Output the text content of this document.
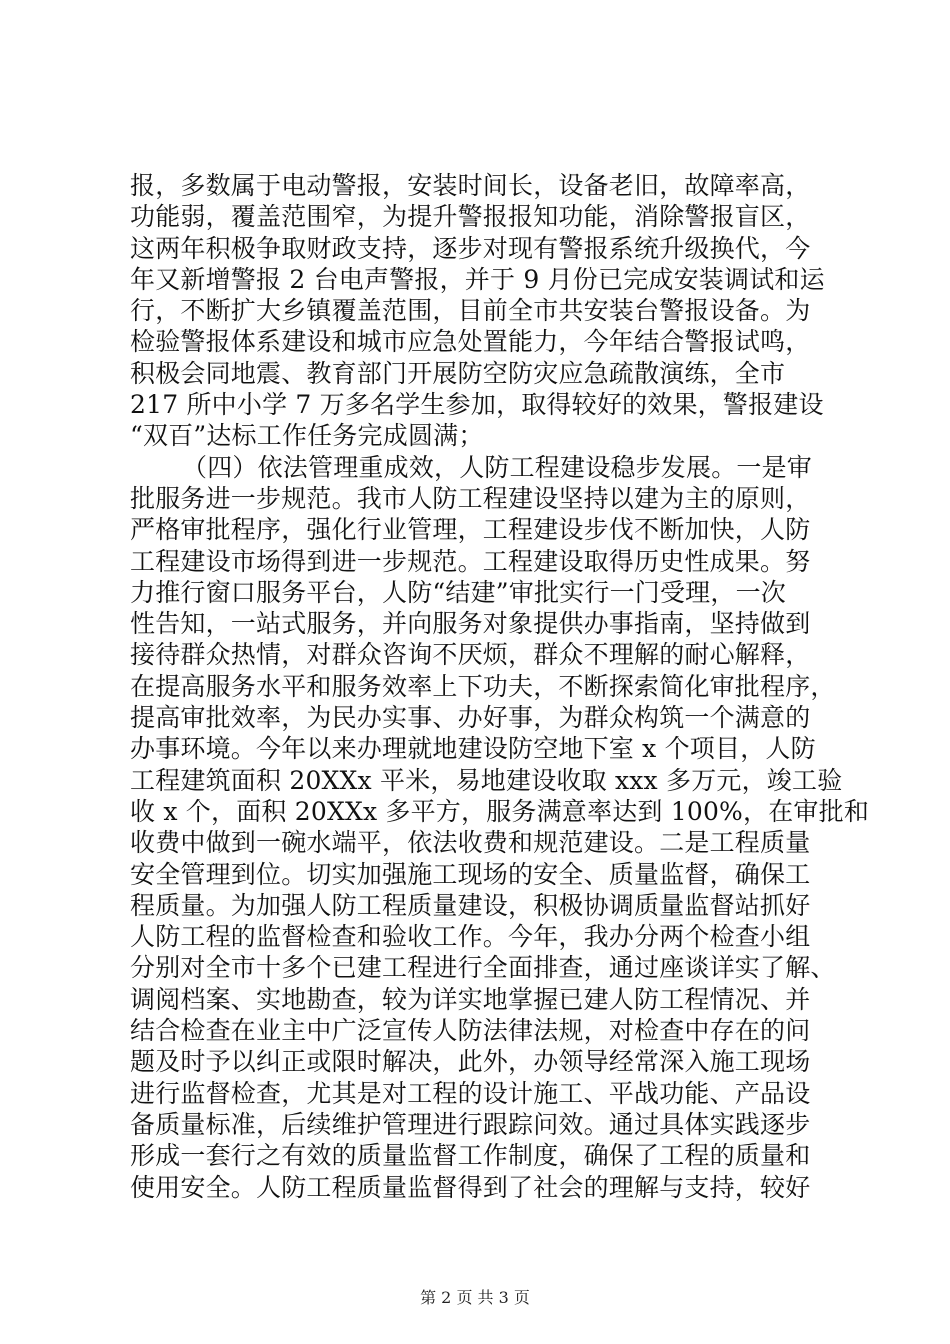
报，多数属于电动警报，安装时间长，设备老旧，故障率高，
功能弱，覆盖范围窄，为提升警报报知功能，消除警报盲区，
这两年积极争取财政支持，逐步对现有警报系统升级换代，今
年又新增警报 2 台电声警报，并于 9 月份已完成安装调试和运
行，不断扩大乡镇覆盖范围，目前全市共安装台警报设备。为
检验警报体系建设和城市应急处置能力，今年结合警报试鸣，
积极会同地震、教育部门开展防空防灾应急疏散演练，全市
217 所中小学 7 万多名学生参加，取得较好的效果，警报建设
“双百”达标工作任务完成圆满；
（四）依法管理重成效，人防工程建设稳步发展。一是审
批服务进一步规范。我市人防工程建设坚持以建为主的原则，
严格审批程序，强化行业管理，工程建设步伐不断加快，人防
工程建设市场得到进一步规范。工程建设取得历史性成果。努
力推行窗口服务平台，人防“结建”审批实行一门受理，一次
性告知，一站式服务，并向服务对象提供办事指南，坚持做到
接待群众热情，对群众咨询不厌烦，群众不理解的耐心解释，
在提高服务水平和服务效率上下功夫，不断探索简化审批程序，
提高审批效率，为民办实事、办好事，为群众构筑一个满意的
办事环境。今年以来办理就地建设防空地下室 x 个项目，人防
工程建筑面积 20XXx 平米，易地建设收取 xxx 多万元，竣工验
收 x 个，面积 20XXx 多平方，服务满意率达到 100%，在审批和
收费中做到一碗水端平，依法收费和规范建设。二是工程质量
安全管理到位。切实加强施工现场的安全、质量监督，确保工
程质量。为加强人防工程质量建设，积极协调质量监督站抓好
人防工程的监督检查和验收工作。今年，我办分两个检查小组
分别对全市十多个已建工程进行全面排查，通过座谈详实了解、
调阅档案、实地勘查，较为详实地掌握已建人防工程情况、并
结合检查在业主中广泛宣传人防法律法规，对检查中存在的问
题及时予以纠正或限时解决，此外，办领导经常深入施工现场
进行监督检查，尤其是对工程的设计施工、平战功能、产品设
备质量标准，后续维护管理进行跟踪问效。通过具体实践逐步
形成一套行之有效的质量监督工作制度，确保了工程的质量和
使用安全。人防工程质量监督得到了社会的理解与支持，较好
第 2 页 共 3 页
